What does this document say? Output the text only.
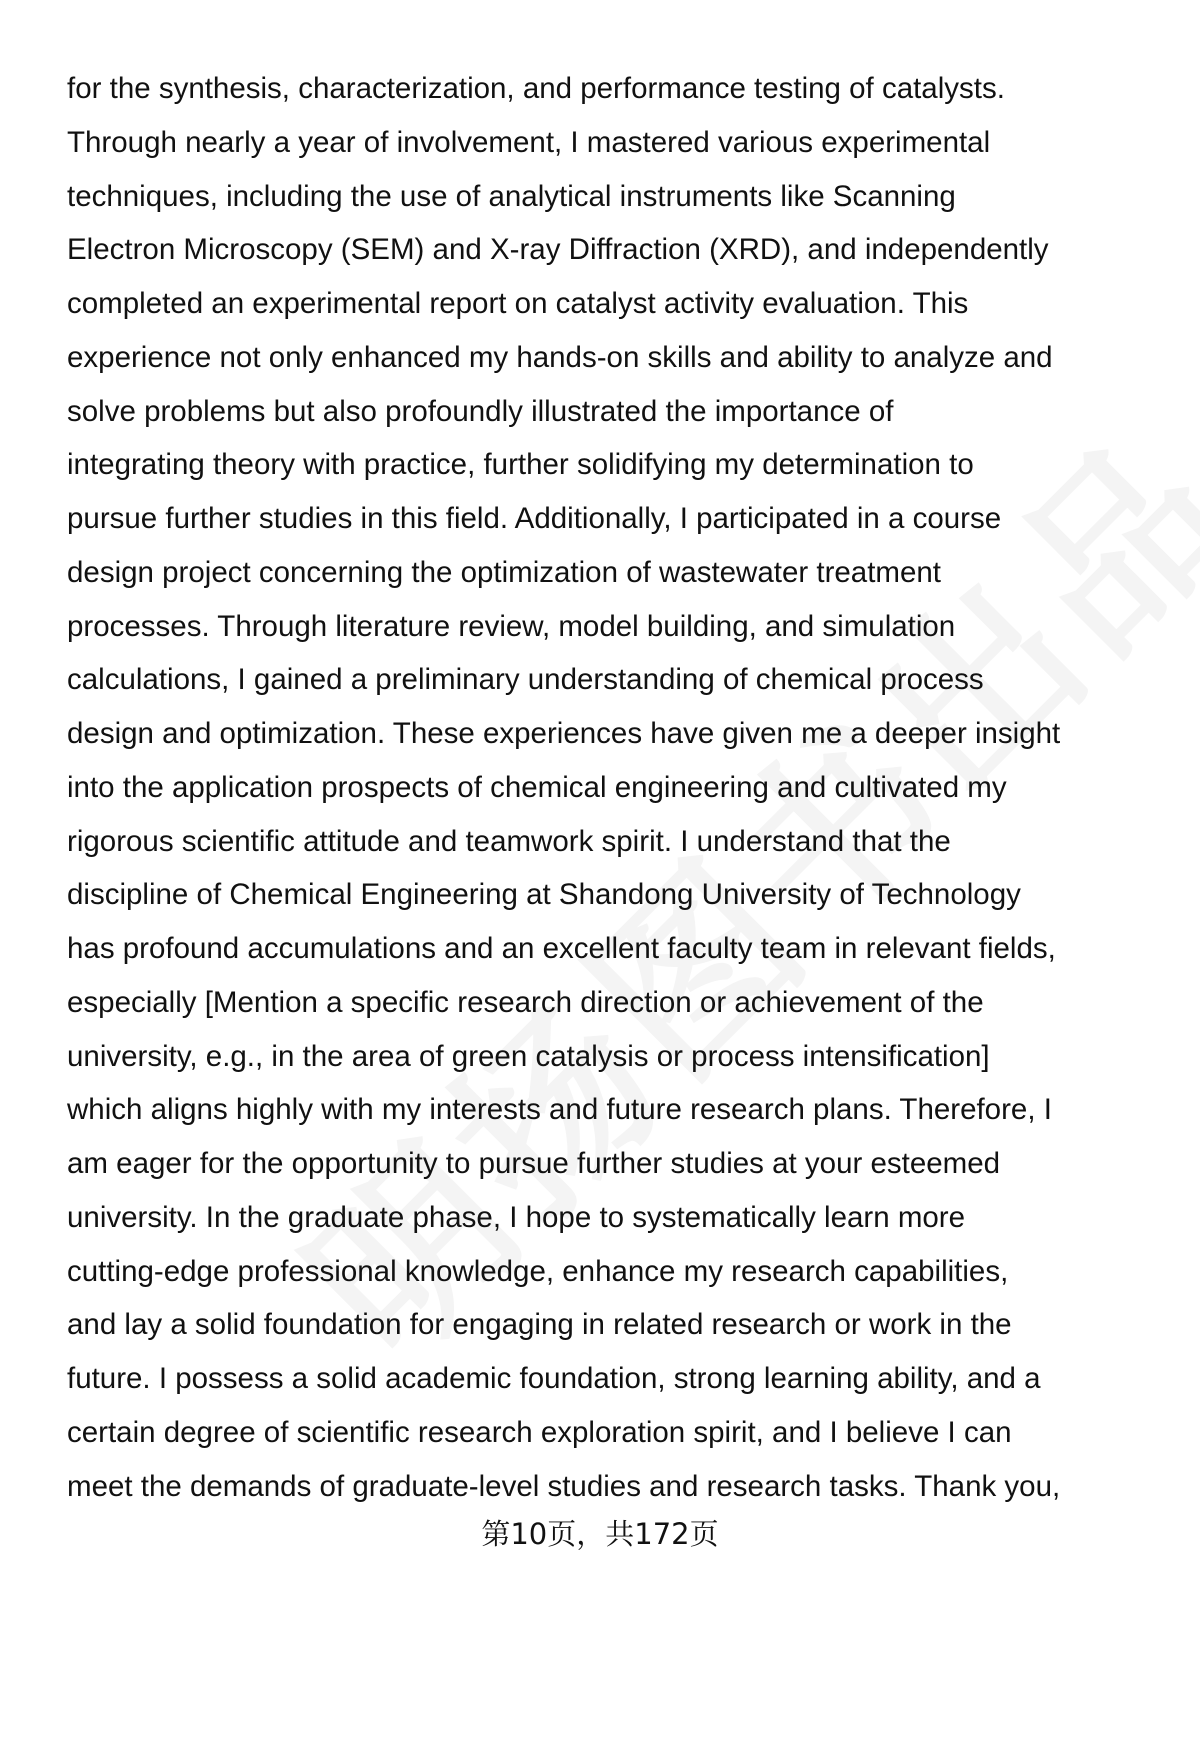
for the synthesis, characterization, and performance testing of catalysts.
Through nearly a year of involvement, I mastered various experimental
techniques, including the use of analytical instruments like Scanning
Electron Microscopy (SEM) and X-ray Diffraction (XRD), and independently
completed an experimental report on catalyst activity evaluation. This
experience not only enhanced my hands-on skills and ability to analyze and
solve problems but also profoundly illustrated the importance of
integrating theory with practice, further solidifying my determination to
pursue further studies in this field. Additionally, I participated in a course
design project concerning the optimization of wastewater treatment
processes. Through literature review, model building, and simulation
calculations, I gained a preliminary understanding of chemical process
design and optimization. These experiences have given me a deeper insight
into the application prospects of chemical engineering and cultivated my
rigorous scientific attitude and teamwork spirit. I understand that the
discipline of Chemical Engineering at Shandong University of Technology
has profound accumulations and an excellent faculty team in relevant fields,
especially [Mention a specific research direction or achievement of the
university, e.g., in the area of green catalysis or process intensification]
which aligns highly with my interests and future research plans. Therefore, I
am eager for the opportunity to pursue further studies at your esteemed
university. In the graduate phase, I hope to systematically learn more
cutting-edge professional knowledge, enhance my research capabilities,
and lay a solid foundation for engaging in related research or work in the
future. I possess a solid academic foundation, strong learning ability, and a
certain degree of scientific research exploration spirit, and I believe I can
meet the demands of graduate-level studies and research tasks. Thank you,
第10页，共172页
